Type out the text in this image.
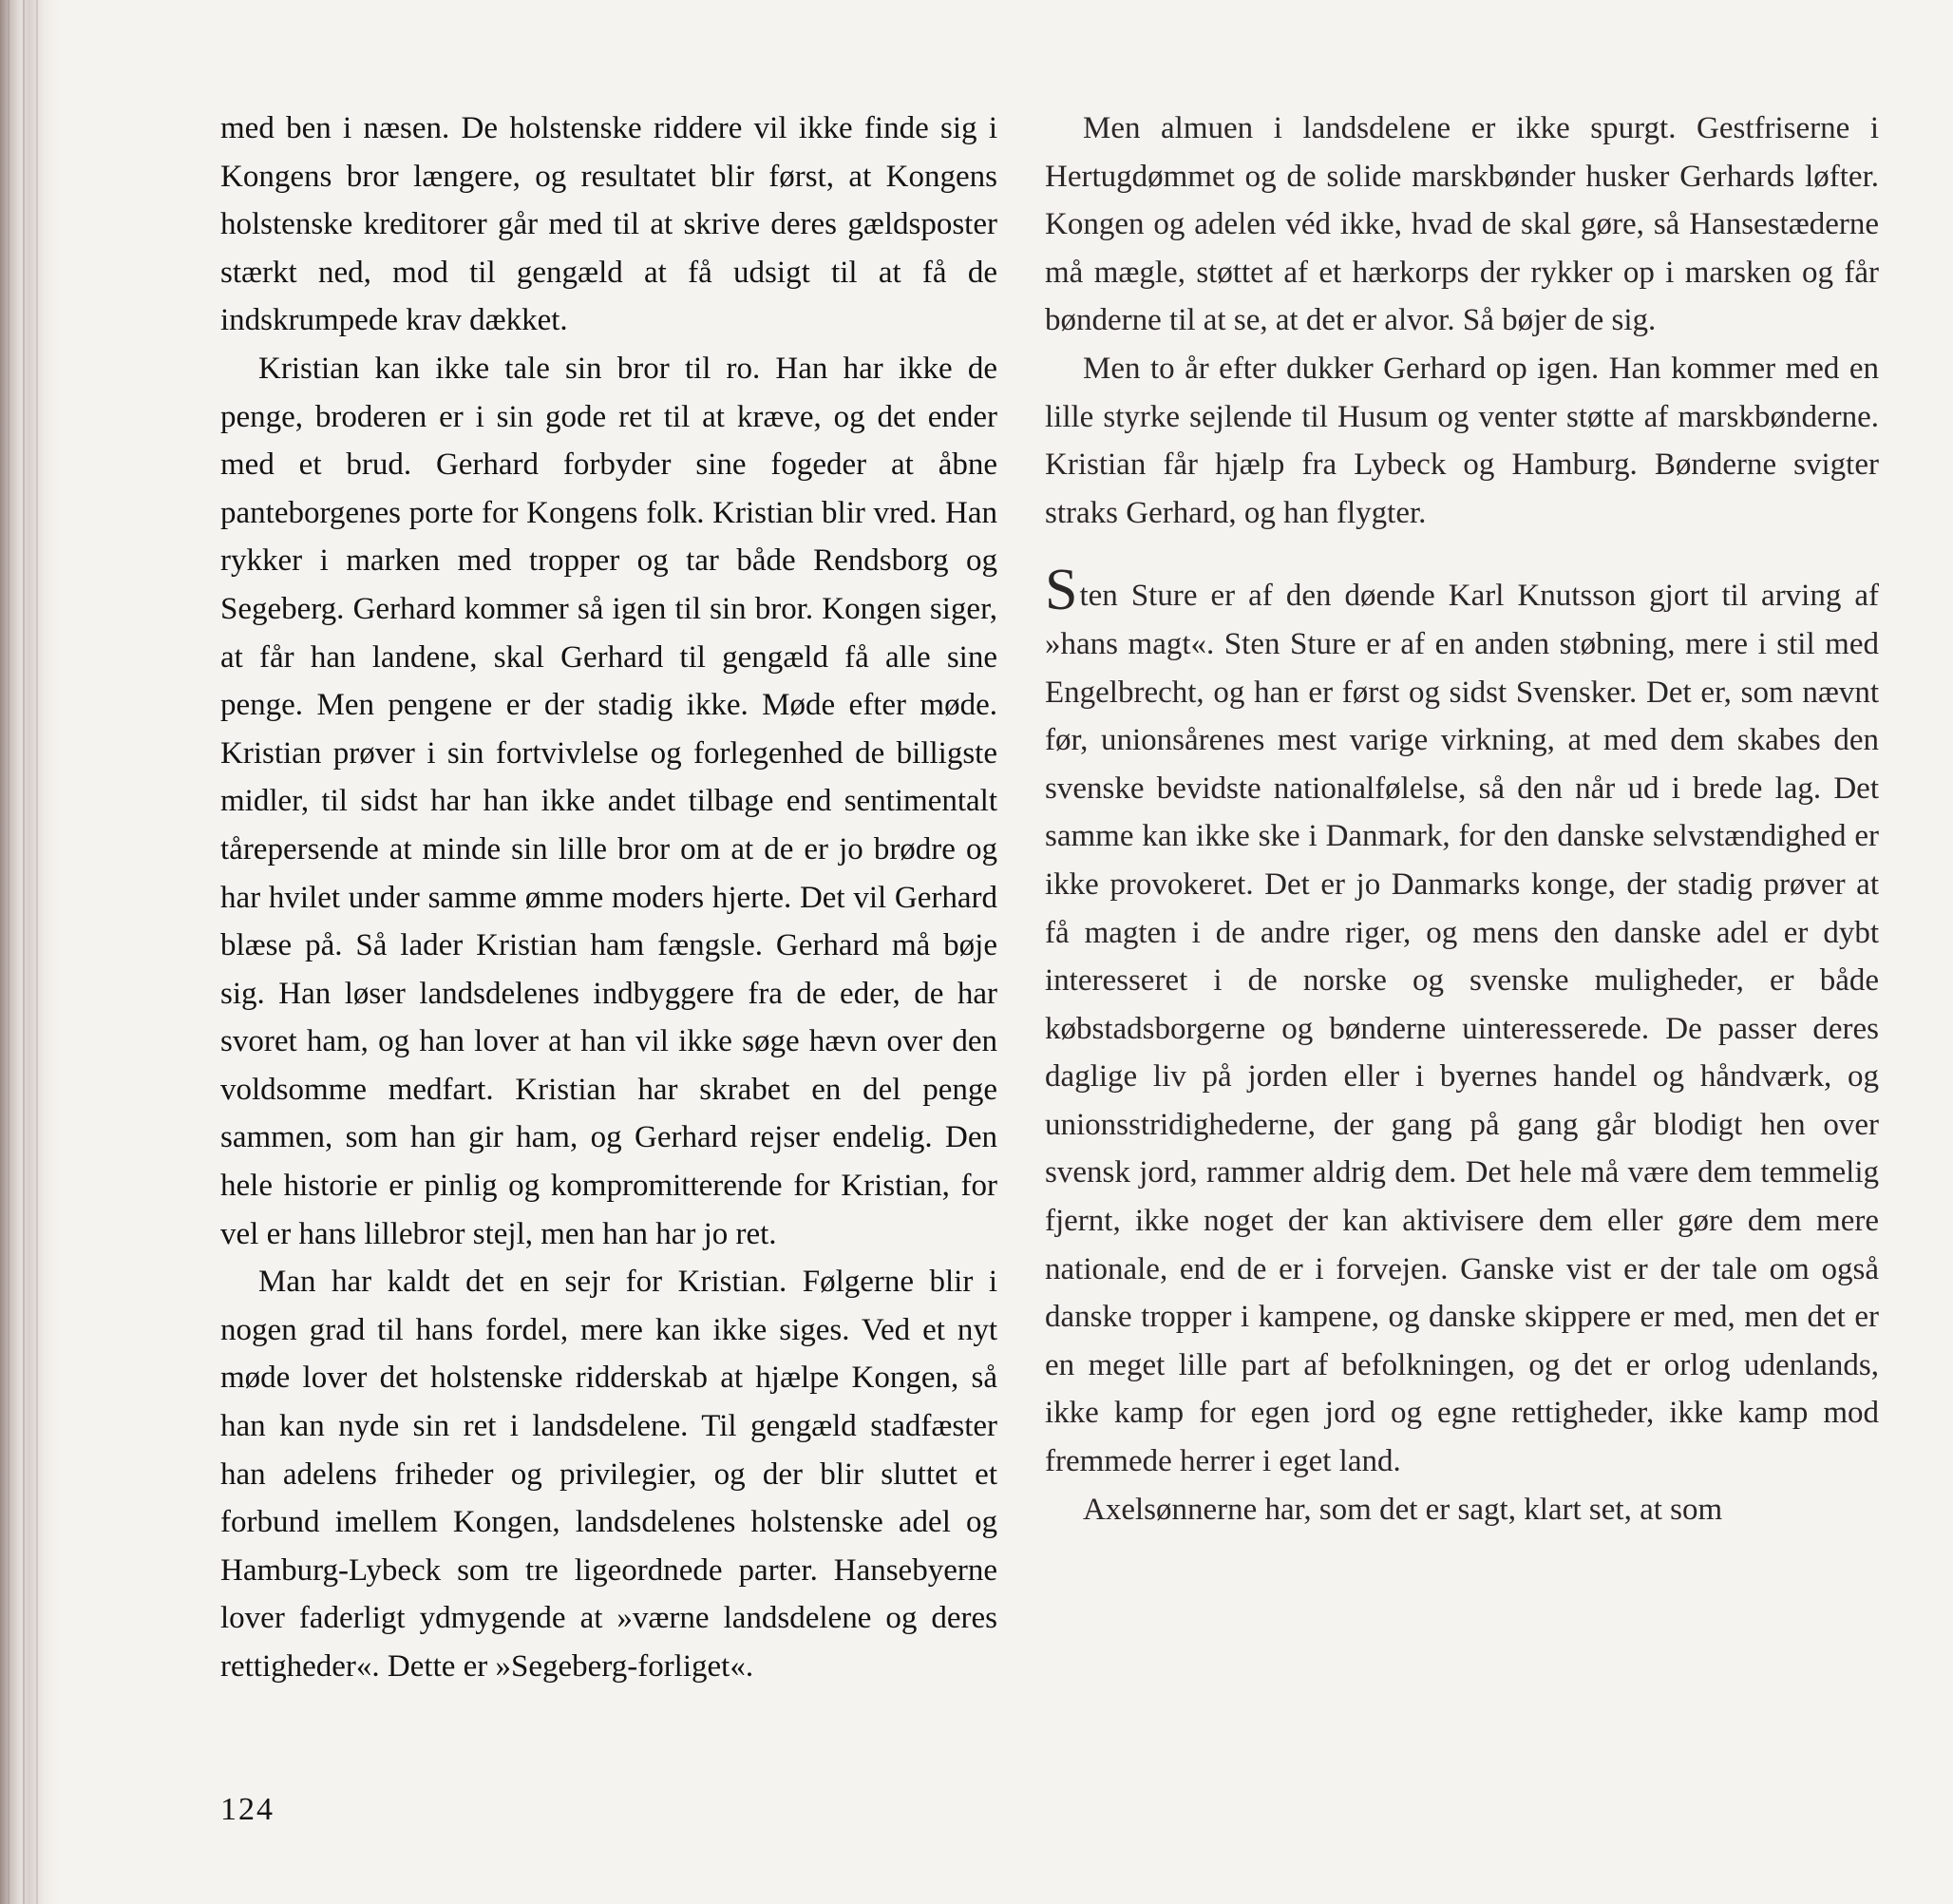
med ben i næsen. De holstenske riddere vil ikke finde sig i Kongens bror længere, og resultatet blir først, at Kongens holstenske kreditorer går med til at skrive deres gældsposter stærkt ned, mod til gengæld at få udsigt til at få de indskrumpede krav dækket.

Kristian kan ikke tale sin bror til ro. Han har ikke de penge, broderen er i sin gode ret til at kræve, og det ender med et brud. Gerhard forbyder sine fogeder at åbne panteborgenes porte for Kongens folk. Kristian blir vred. Han rykker i marken med tropper og tar både Rendsborg og Segeberg. Gerhard kommer så igen til sin bror. Kongen siger, at får han landene, skal Gerhard til gengæld få alle sine penge. Men pengene er der stadig ikke. Møde efter møde. Kristian prøver i sin fortvivlelse og forlegenhed de billigste midler, til sidst har han ikke andet tilbage end sentimentalt tårepersende at minde sin lille bror om at de er jo brødre og har hvilet under samme ømme moders hjerte. Det vil Gerhard blæse på. Så lader Kristian ham fængsle. Gerhard må bøje sig. Han løser landsdelenes indbyggere fra de eder, de har svoret ham, og han lover at han vil ikke søge hævn over den voldsomme medfart. Kristian har skrabet en del penge sammen, som han gir ham, og Gerhard rejser endelig. Den hele historie er pinlig og kompromitterende for Kristian, for vel er hans lillebror stejl, men han har jo ret.

Man har kaldt det en sejr for Kristian. Følgerne blir i nogen grad til hans fordel, mere kan ikke siges. Ved et nyt møde lover det holstenske ridderskab at hjælpe Kongen, så han kan nyde sin ret i landsdelene. Til gengæld stadfæster han adelens friheder og privilegier, og der blir sluttet et forbund imellem Kongen, landsdelenes holstenske adel og Hamburg-Lybeck som tre ligeordnede parter. Hansebyerne lover faderligt ydmygende at »værne landsdelene og deres rettigheder«. Dette er »Segeberg-forliget«.

Men almuen i landsdelene er ikke spurgt. Gestfriserne i Hertugdømmet og de solide marskbønder husker Gerhards løfter. Kongen og adelen véd ikke, hvad de skal gøre, så Hansestæderne må mægle, støttet af et hærkorps der rykker op i marsken og får bønderne til at se, at det er alvor. Så bøjer de sig.

Men to år efter dukker Gerhard op igen. Han kommer med en lille styrke sejlende til Husum og venter støtte af marskbønderne. Kristian får hjælp fra Lybeck og Hamburg. Bønderne svigter straks Gerhard, og han flygter.

Sten Sture er af den døende Karl Knutsson gjort til arving af »hans magt«. Sten Sture er af en anden støbning, mere i stil med Engelbrecht, og han er først og sidst Svensker. Det er, som nævnt før, unionsårenes mest varige virkning, at med dem skabes den svenske bevidste nationalfølelse, så den når ud i brede lag. Det samme kan ikke ske i Danmark, for den danske selvstændighed er ikke provokeret. Det er jo Danmarks konge, der stadig prøver at få magten i de andre riger, og mens den danske adel er dybt interesseret i de norske og svenske muligheder, er både købstadsborgerne og bønderne uinteresserede. De passer deres daglige liv på jorden eller i byernes handel og håndværk, og unionsstridighederne, der gang på gang går blodigt hen over svensk jord, rammer aldrig dem. Det hele må være dem temmelig fjernt, ikke noget der kan aktivisere dem eller gøre dem mere nationale, end de er i forvejen. Ganske vist er der tale om også danske tropper i kampene, og danske skippere er med, men det er en meget lille part af befolkningen, og det er orlog udenlands, ikke kamp for egen jord og egne rettigheder, ikke kamp mod fremmede herrer i eget land.

Axelsønnerne har, som det er sagt, klart set, at som

124
